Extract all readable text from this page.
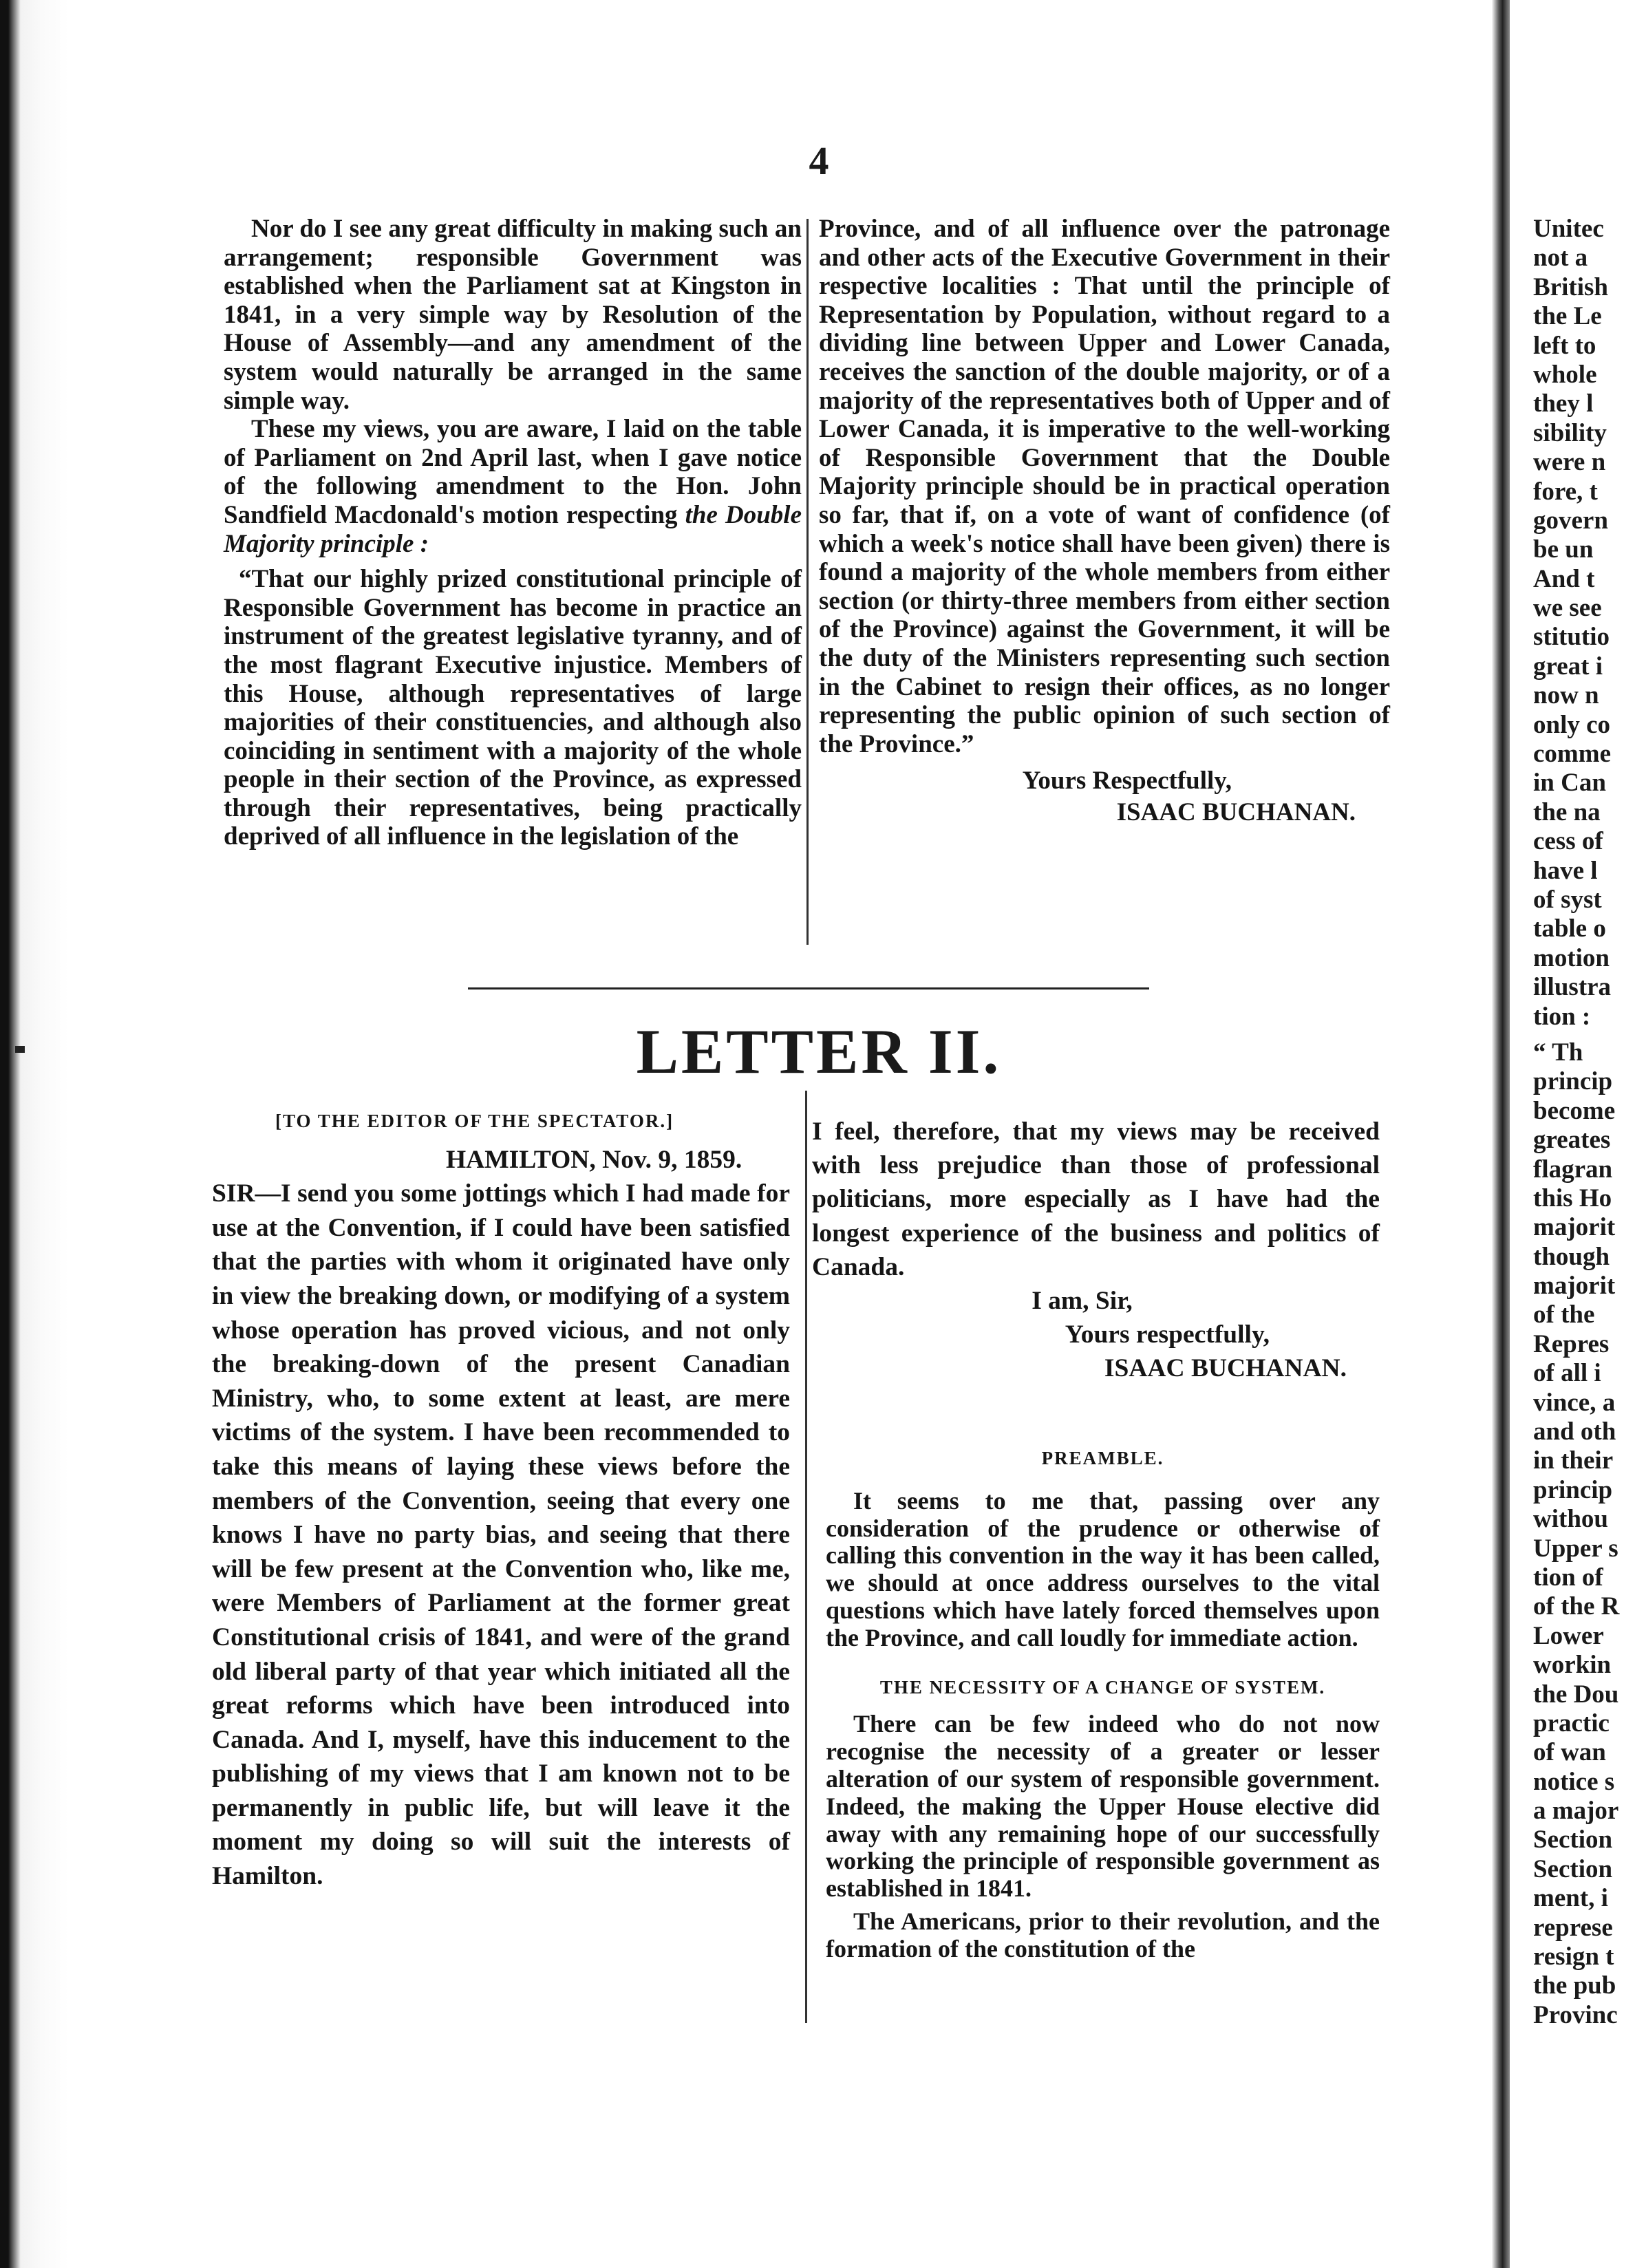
4

Nor do I see any great difficulty in making such an arrangement; responsible Government was established when the Parliament sat at Kingston in 1841, in a very simple way by Resolution of the House of Assembly—and any amendment of the system would naturally be arranged in the same simple way.

These my views, you are aware, I laid on the table of Parliament on 2nd April last, when I gave notice of the following amendment to the Hon. John Sandfield Macdonald's motion respecting the Double Majority principle :

“That our highly prized constitutional principle of Responsible Government has become in practice an instrument of the greatest legislative tyranny, and of the most flagrant Executive injustice. Members of this House, although representatives of large majorities of their constituencies, and although also coinciding in sentiment with a majority of the whole people in their section of the Province, as expressed through their representatives, being practically deprived of all influence in the legislation of the

Province, and of all influence over the patronage and other acts of the Executive Government in their respective localities : That until the principle of Representation by Population, without regard to a dividing line between Upper and Lower Canada, receives the sanction of the double majority, or of a majority of the representatives both of Upper and of Lower Canada, it is imperative to the well-working of Responsible Government that the Double Majority principle should be in practical operation so far, that if, on a vote of want of confidence (of which a week's notice shall have been given) there is found a majority of the whole members from either section (or thirty-three members from either section of the Province) against the Government, it will be the duty of the Ministers representing such section in the Cabinet to resign their offices, as no longer representing the public opinion of such section of the Province.”

Yours Respectfully,

ISAAC BUCHANAN.

LETTER II.

[TO THE EDITOR OF THE SPECTATOR.]

HAMILTON, Nov. 9, 1859.

SIR—I send you some jottings which I had made for use at the Convention, if I could have been satisfied that the parties with whom it originated have only in view the breaking down, or modifying of a system whose operation has proved vicious, and not only the breaking-down of the present Canadian Ministry, who, to some extent at least, are mere victims of the system. I have been recommended to take this means of laying these views before the members of the Convention, seeing that every one knows I have no party bias, and seeing that there will be few present at the Convention who, like me, were Members of Parliament at the former great Constitutional crisis of 1841, and were of the grand old liberal party of that year which initiated all the great reforms which have been introduced into Canada. And I, myself, have this inducement to the publishing of my views that I am known not to be permanently in public life, but will leave it the moment my doing so will suit the interests of Hamilton.

I feel, therefore, that my views may be received with less prejudice than those of professional politicians, more especially as I have had the longest experience of the business and politics of Canada.

I am, Sir,

Yours respectfully,

ISAAC BUCHANAN.

PREAMBLE.

It seems to me that, passing over any consideration of the prudence or otherwise of calling this convention in the way it has been called, we should at once address ourselves to the vital questions which have lately forced themselves upon the Province, and call loudly for immediate action.

THE NECESSITY OF A CHANGE OF SYSTEM.

There can be few indeed who do not now recognise the necessity of a greater or lesser alteration of our system of responsible government. Indeed, the making the Upper House elective did away with any remaining hope of our successfully working the principle of responsible government as established in 1841.

The Americans, prior to their revolution, and the formation of the constitution of the

Unitec
not a
British
the Le
left to
whole
they l
sibility
were n
fore, t
govern
be un
And t
we see
stitutio
great i
now n
only co
comme
in Can
the na
cess of
have l
of syst
table o
motion
illustra
tion :
“ Th
princip
become
greates
flagran
this Ho
majorit
though
majorit
of the
Repres
of all i
vince, a
and oth
in their
princip
withou
Upper s
tion of
of the R
Lower
workin
the Dou
practic
of wan
notice s
a major
Section
Section
ment, i
represe
resign t
the pub
Provinc
